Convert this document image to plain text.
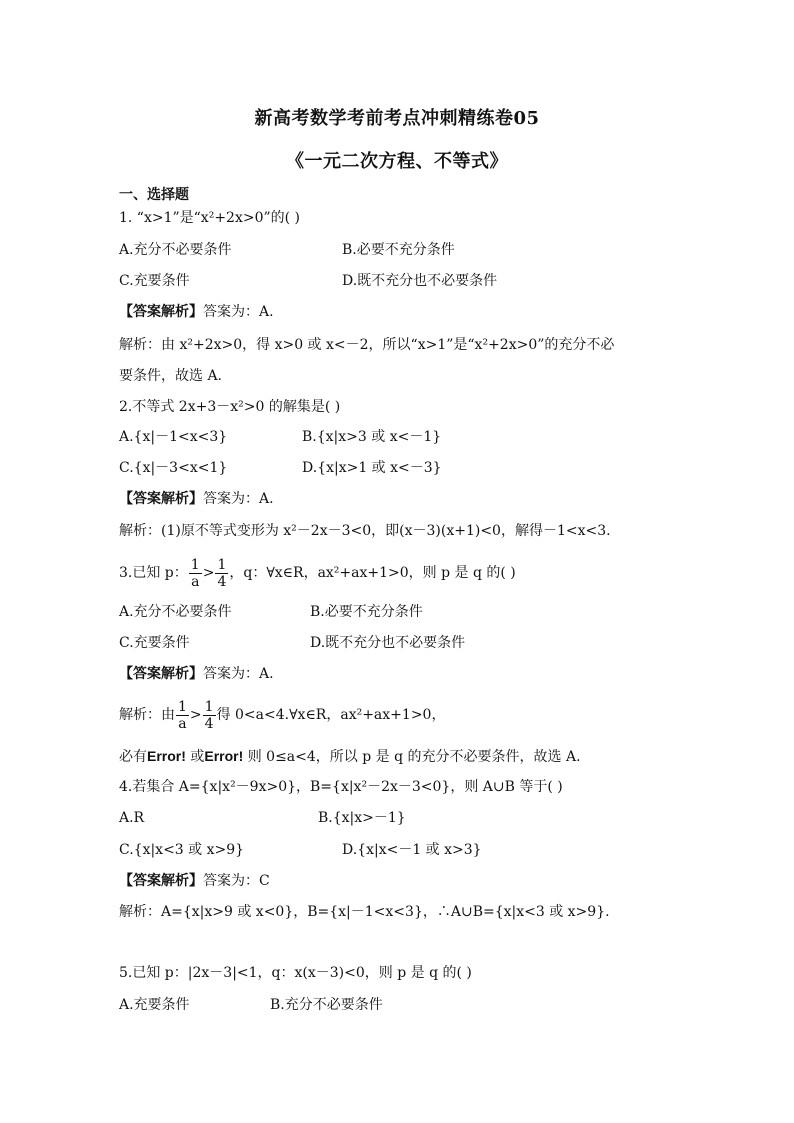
新高考数学考前考点冲刺精练卷05
《一元二次方程、不等式》
一、选择题
1. “x>1”是“x²+2x>0”的( )
A.充分不必要条件	B.必要不充分条件
C.充要条件	D.既不充分也不必要条件
【答案解析】答案为：A.
解析：由 x²+2x>0，得 x>0 或 x<－2，所以“x>1”是“x²+2x>0”的充分不必
要条件，故选 A.
2.不等式 2x+3－x²>0 的解集是( )
A.{x|－1<x<3}	B.{x|x>3 或 x<－1}
C.{x|－3<x<1}	D.{x|x>1 或 x<－3}
【答案解析】答案为：A.
解析：(1)原不等式变形为 x²－2x－3<0，即(x－3)(x+1)<0，解得－1<x<3.
3.已知 p： $\frac{1}{a} > \frac{1}{4}$ ，q：∀x∈R，ax²+ax+1>0，则 p 是 q 的( )
A.充分不必要条件	B.必要不充分条件
C.充要条件	D.既不充分也不必要条件
【答案解析】答案为：A.
解析：由 $\frac{1}{a} > \frac{1}{4}$ 得 0<a<4.∀x∈R，ax²+ax+1>0，
必有Error! 或Error! 则 0≤a<4，所以 p 是 q 的充分不必要条件，故选 A.
4.若集合 A={x|x²－9x>0}，B={x|x²－2x－3<0}，则 A∪B 等于( )
A.R	B.{x|x>－1}
C.{x|x<3 或 x>9}	D.{x|x<－1 或 x>3}
【答案解析】答案为：C
解析：A={x|x>9 或 x<0}，B={x|－1<x<3}，∴A∪B={x|x<3 或 x>9}.
5.已知 p：|2x－3|<1，q：x(x－3)<0，则 p 是 q 的( )
A.充要条件	B.充分不必要条件
